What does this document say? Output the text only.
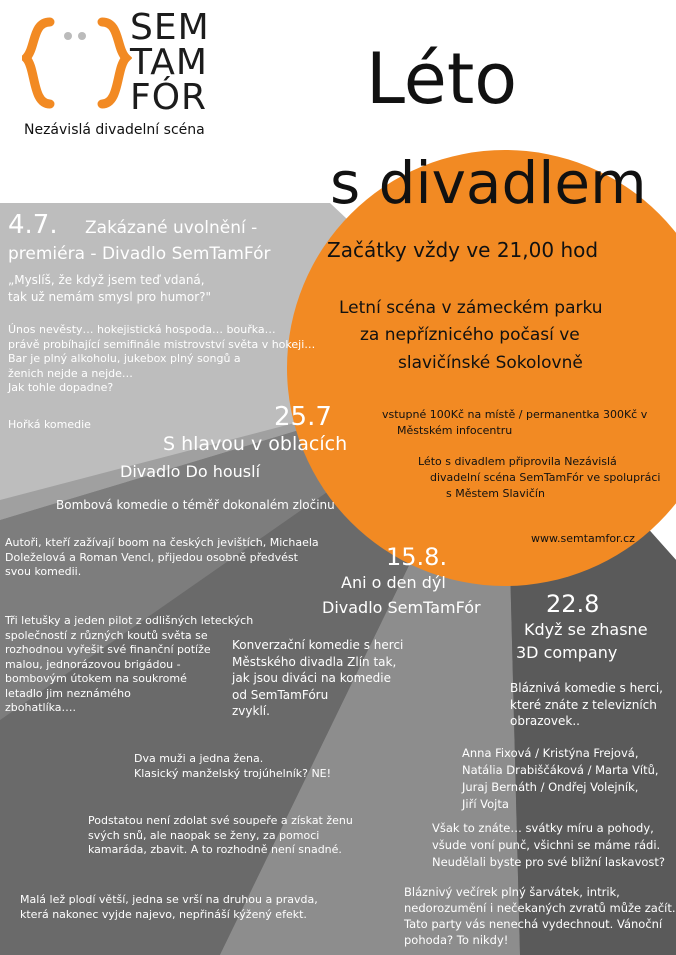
SEM
TAM
FÓR
Nezávislá divadelní scéna
Léto
s divadlem
Začátky vždy ve 21,00 hod
Letní scéna v zámeckém parku
za nepříznicého počasí ve
slavičínské Sokolovně
vstupné 100Kč na místě / permanentka 300Kč v
Městském infocentru
Léto s divadlem připrovila Nezávislá
divadelní scéna SemTamFór ve spolupráci
s Městem Slavičín
www.semtamfor.cz
4.7. Zakázané uvolnění -
premiéra - Divadlo SemTamFór
„Myslíš, že když jsem teď vdaná,
tak už nemám smysl pro humor?"
Únos nevěsty… hokejistická hospoda… bouřka…
právě probíhající semifinále mistrovství světa v hokeji…
Bar je plný alkoholu, jukebox plný songů a
ženich nejde a nejde…
Jak tohle dopadne?
Hořká komedie	25.7
S hlavou v oblacích
Divadlo Do houslí
Bombová komedie o téměř dokonalém zločinu
Autoři, kteří zažívají boom na českých jevištích, Michaela
Doleželová a Roman Vencl, přijedou osobně předvést
svou komedii.
Tři letušky a jeden pilot z odlišných leteckých
společností z různých koutů světa se
rozhodnou vyřešit své finanční potíže
malou, jednorázovou brigádou -
bombovým útokem na soukromé
letadlo jim neznámého
zbohatlíka….
15.8.
Ani o den dýl
Divadlo SemTamFór
Konverzační komedie s herci
Městského divadla Zlín tak,
jak jsou diváci na komedie
od SemTamFóru
zvyklí.
Dva muži a jedna žena.
Klasický manželský trojúhelník? NE!
Podstatou není zdolat své soupeře a získat ženu
svých snů, ale naopak se ženy, za pomoci
kamaráda, zbavit. A to rozhodně není snadné.
Malá lež plodí větší, jedna se vrší na druhou a pravda,
která nakonec vyjde najevo, nepřináší kýžený efekt.
22.8
Když se zhasne
3D company
Bláznivá komedie s herci,
které znáte z televizních
obrazovek..
Anna Fixová / Kristýna Frejová,
Natália Drabiščáková / Marta Vítů,
Juraj Bernáth / Ondřej Volejník,
Jiří Vojta
Však to znáte… svátky míru a pohody,
všude voní punč, všichni se máme rádi.
Neudělali byste pro své bližní laskavost?
Bláznivý večírek plný šarvátek, intrik,
nedorozumění i nečekaných zvratů může začít.
Tato party vás nenechá vydechnout. Vánoční
pohoda? To nikdy!
